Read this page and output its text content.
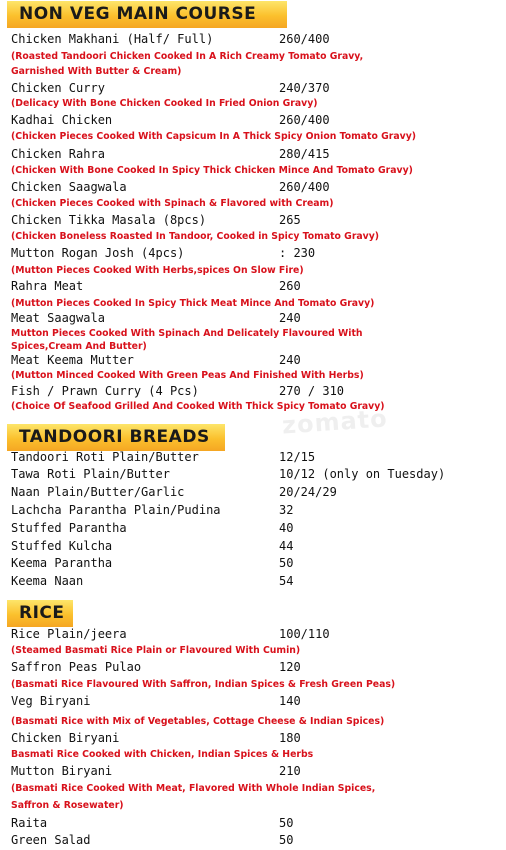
zomato
NON VEG MAIN COURSE
Chicken Makhani (Half/ Full)	260/400
(Roasted Tandoori Chicken Cooked In A Rich Creamy Tomato Gravy,
Garnished With Butter & Cream)
Chicken Curry	240/370
(Delicacy With Bone Chicken Cooked In Fried Onion Gravy)
Kadhai Chicken	260/400
(Chicken Pieces Cooked With Capsicum In A Thick Spicy Onion Tomato Gravy)
Chicken Rahra	280/415
(Chicken With Bone Cooked In Spicy Thick Chicken Mince And Tomato Gravy)
Chicken Saagwala	260/400
(Chicken Pieces Cooked with Spinach & Flavored with Cream)
Chicken Tikka Masala (8pcs)	265
(Chicken Boneless Roasted In Tandoor, Cooked in Spicy Tomato Gravy)
Mutton Rogan Josh (4pcs)	: 230
(Mutton Pieces Cooked With Herbs,spices On Slow Fire)
Rahra Meat	260
(Mutton Pieces Cooked In Spicy Thick Meat Mince And Tomato Gravy)
Meat Saagwala	240
Mutton Pieces Cooked With Spinach And Delicately Flavoured With
Spices,Cream And Butter)
Meat Keema Mutter	240
(Mutton Minced Cooked With Green Peas And Finished With Herbs)
Fish / Prawn Curry (4 Pcs)	270 / 310
(Choice Of Seafood Grilled And Cooked With Thick Spicy Tomato Gravy)
TANDOORI BREADS
Tandoori Roti Plain/Butter	12/15
Tawa Roti Plain/Butter	10/12 (only on Tuesday)
Naan Plain/Butter/Garlic	20/24/29
Lachcha Parantha Plain/Pudina	32
Stuffed Parantha	40
Stuffed Kulcha	44
Keema Parantha	50
Keema Naan	54
RICE
Rice Plain/jeera	100/110
(Steamed Basmati Rice Plain or Flavoured With Cumin)
Saffron Peas Pulao	120
(Basmati Rice Flavoured With Saffron, Indian Spices & Fresh Green Peas)
Veg Biryani	140
(Basmati Rice with Mix of Vegetables, Cottage Cheese & Indian Spices)
Chicken Biryani	180
Basmati Rice Cooked with Chicken, Indian Spices & Herbs
Mutton Biryani	210
(Basmati Rice Cooked With Meat, Flavored With Whole Indian Spices,
Saffron & Rosewater)
Raita	50
Green Salad	50
